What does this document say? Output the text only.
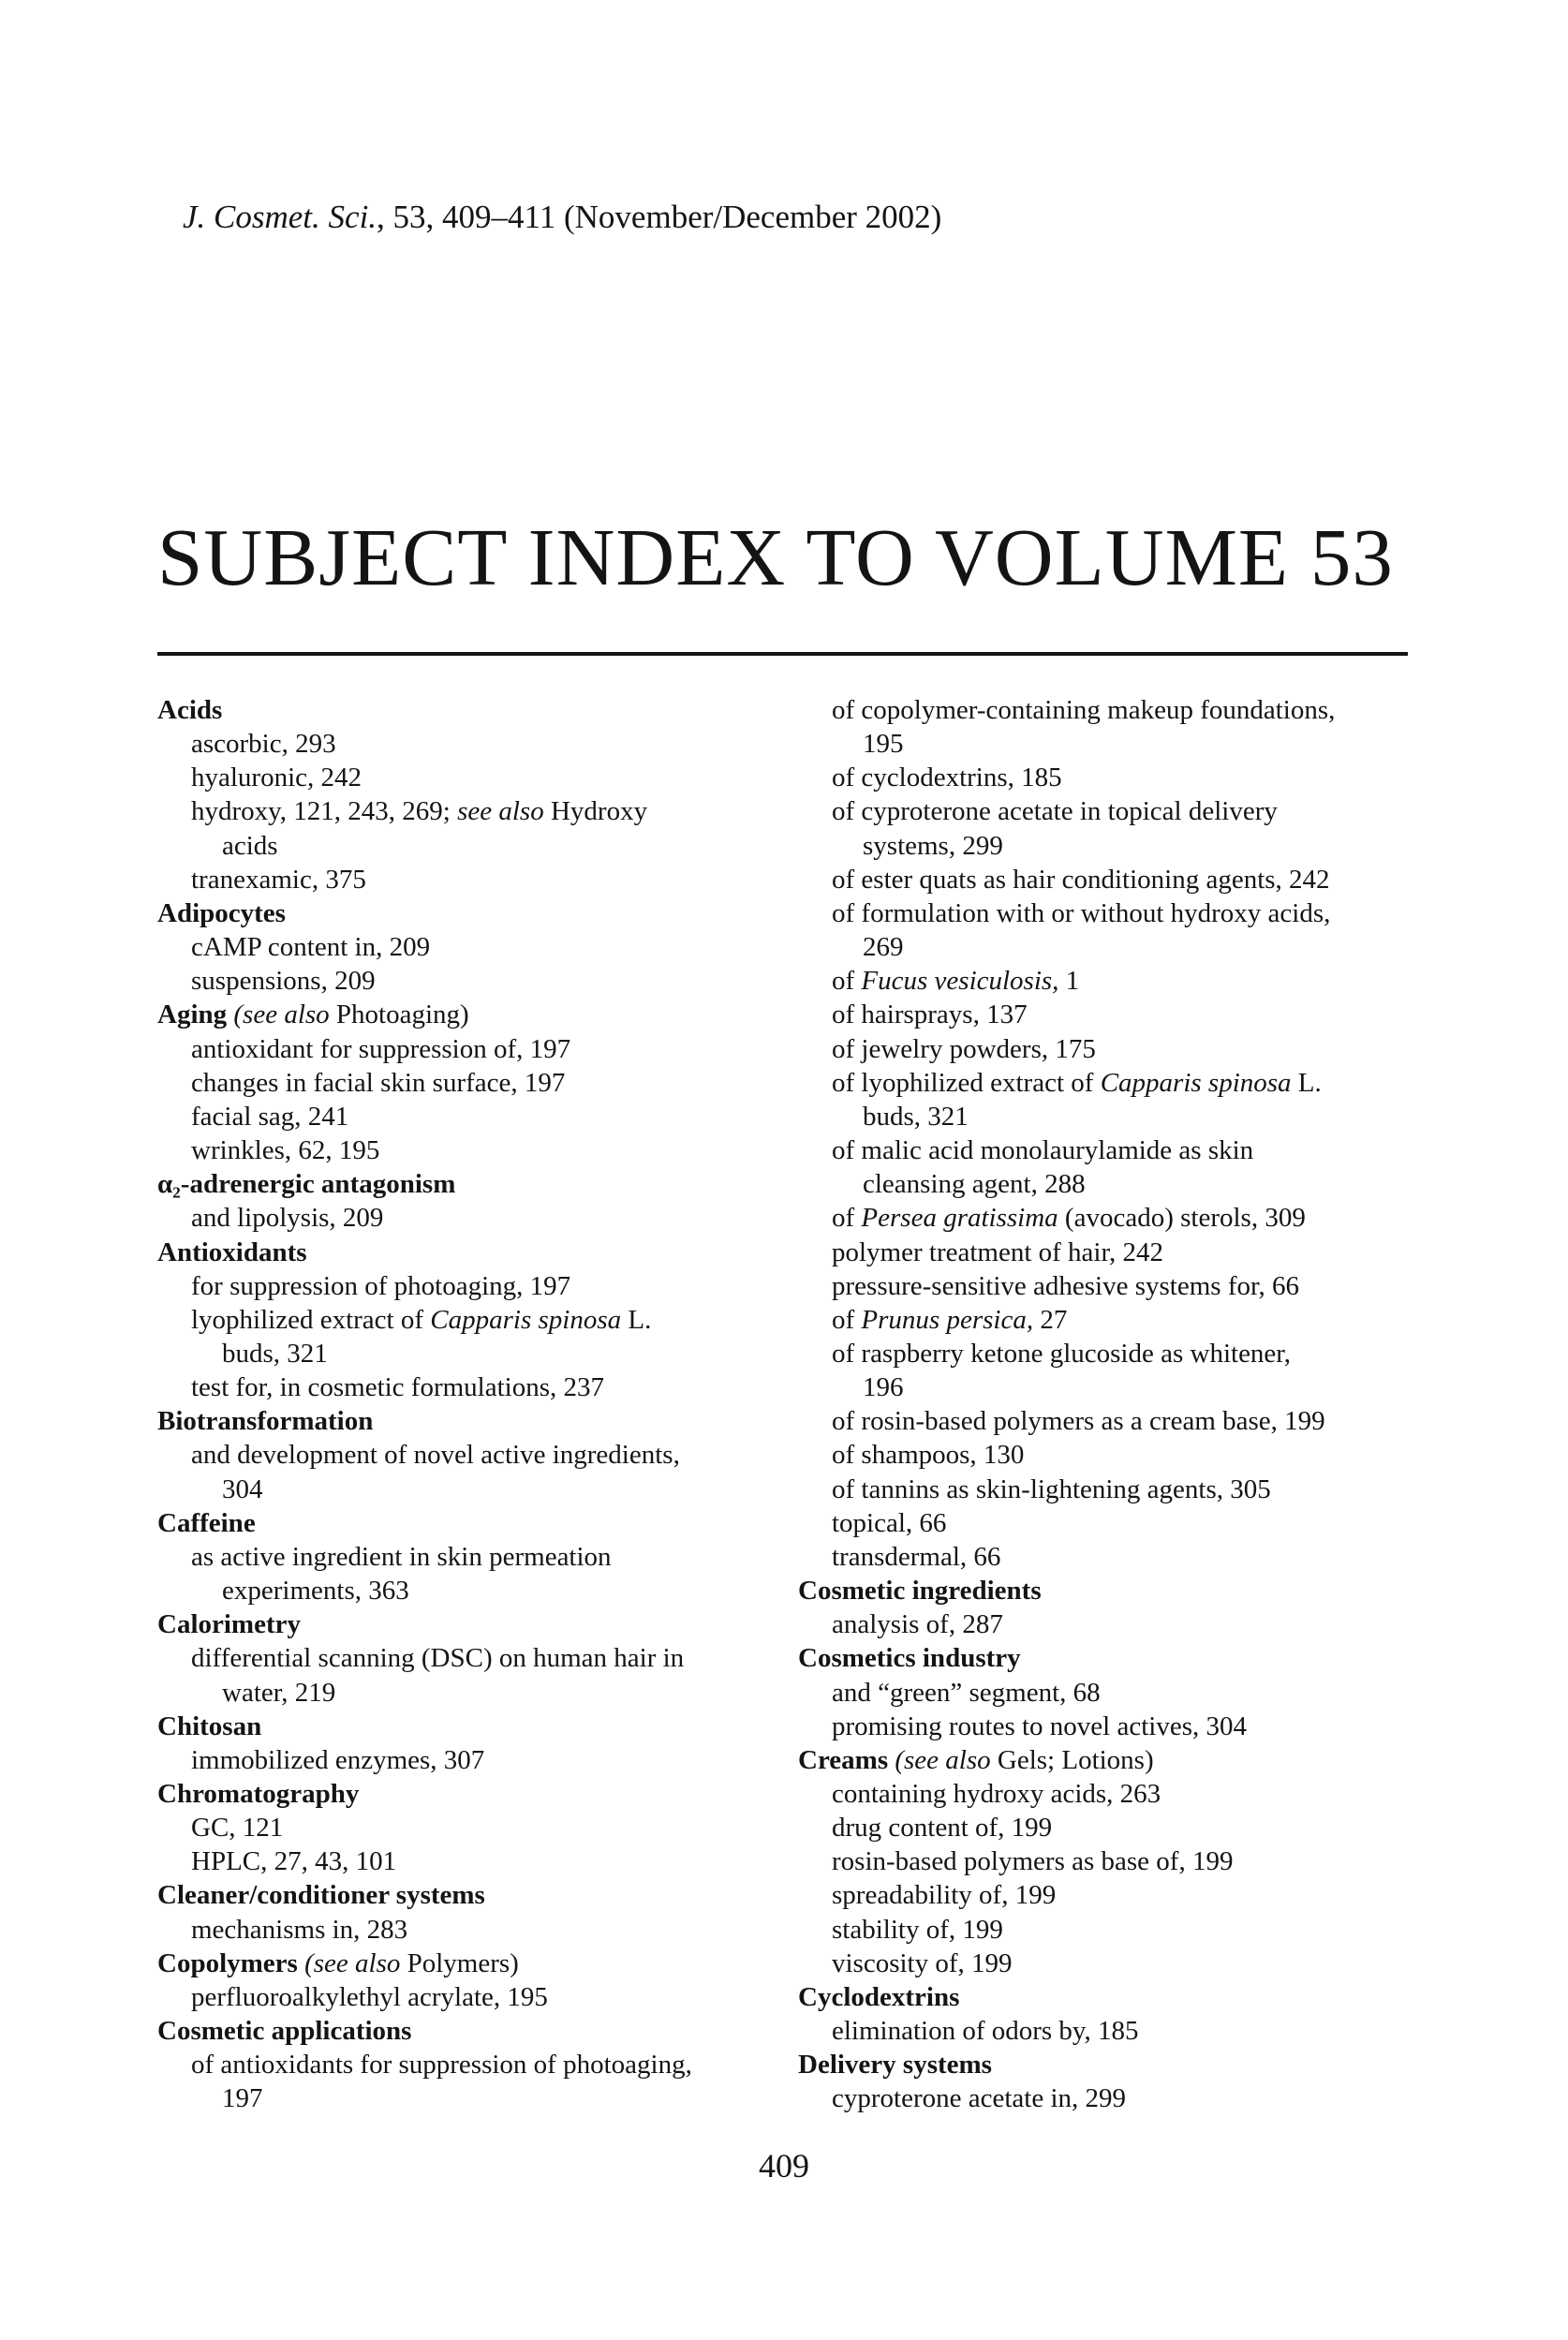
J. Cosmet. Sci., 53, 409–411 (November/December 2002)
SUBJECT INDEX TO VOLUME 53
Acids
ascorbic, 293
hyaluronic, 242
hydroxy, 121, 243, 269; see also Hydroxy
acids
tranexamic, 375
Adipocytes
cAMP content in, 209
suspensions, 209
Aging (see also Photoaging)
antioxidant for suppression of, 197
changes in facial skin surface, 197
facial sag, 241
wrinkles, 62, 195
α₂-adrenergic antagonism
and lipolysis, 209
Antioxidants
for suppression of photoaging, 197
lyophilized extract of Capparis spinosa L.
buds, 321
test for, in cosmetic formulations, 237
Biotransformation
and development of novel active ingredients,
304
Caffeine
as active ingredient in skin permeation
experiments, 363
Calorimetry
differential scanning (DSC) on human hair in
water, 219
Chitosan
immobilized enzymes, 307
Chromatography
GC, 121
HPLC, 27, 43, 101
Cleaner/conditioner systems
mechanisms in, 283
Copolymers (see also Polymers)
perfluoroalkylethyl acrylate, 195
Cosmetic applications
of antioxidants for suppression of photoaging,
197
of copolymer-containing makeup foundations,
195
of cyclodextrins, 185
of cyproterone acetate in topical delivery
systems, 299
of ester quats as hair conditioning agents, 242
of formulation with or without hydroxy acids,
269
of Fucus vesiculosis, 1
of hairsprays, 137
of jewelry powders, 175
of lyophilized extract of Capparis spinosa L.
buds, 321
of malic acid monolaurylamide as skin
cleansing agent, 288
of Persea gratissima (avocado) sterols, 309
polymer treatment of hair, 242
pressure-sensitive adhesive systems for, 66
of Prunus persica, 27
of raspberry ketone glucoside as whitener,
196
of rosin-based polymers as a cream base, 199
of shampoos, 130
of tannins as skin-lightening agents, 305
topical, 66
transdermal, 66
Cosmetic ingredients
analysis of, 287
Cosmetics industry
and “green” segment, 68
promising routes to novel actives, 304
Creams (see also Gels; Lotions)
containing hydroxy acids, 263
drug content of, 199
rosin-based polymers as base of, 199
spreadability of, 199
stability of, 199
viscosity of, 199
Cyclodextrins
elimination of odors by, 185
Delivery systems
cyproterone acetate in, 299
409
